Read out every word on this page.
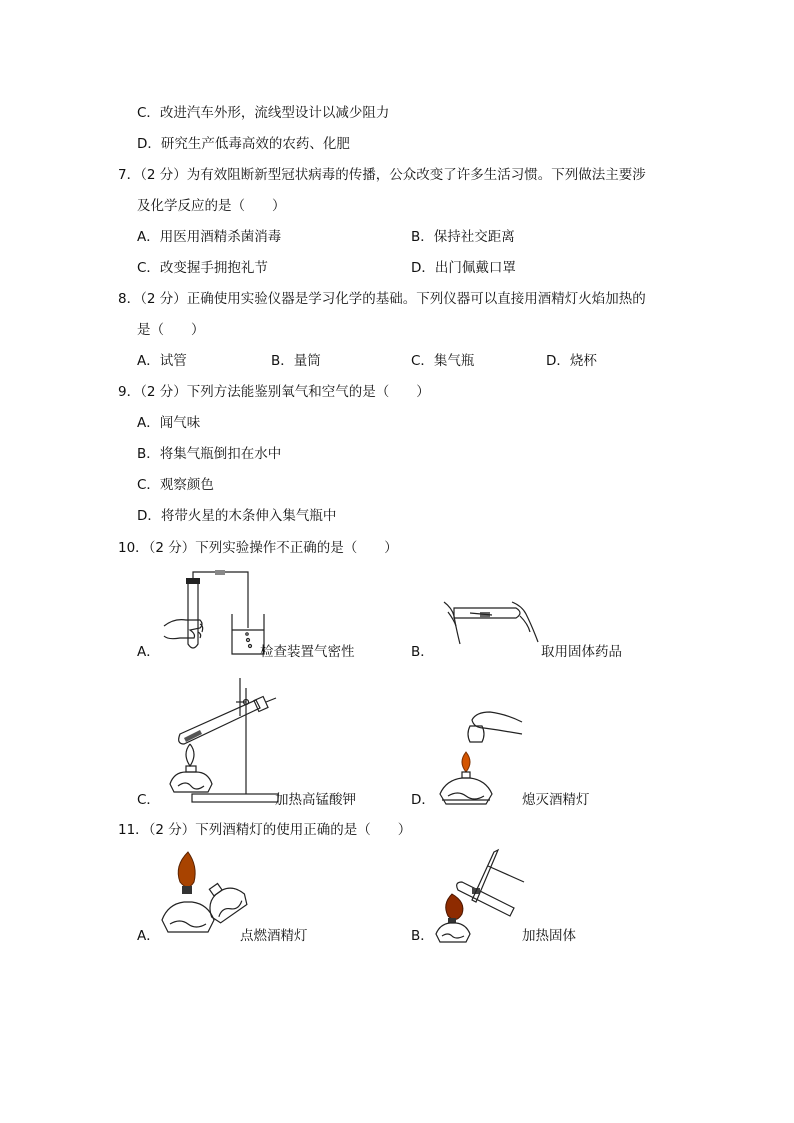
C．改进汽车外形，流线型设计以减少阻力
D．研究生产低毒高效的农药、化肥
7．（2 分）为有效阻断新型冠状病毒的传播，公众改变了许多生活习惯。下列做法主要涉
及化学反应的是（　　）
A．用医用酒精杀菌消毒	B．保持社交距离
C．改变握手拥抱礼节	D．出门佩戴口罩
8．（2 分）正确使用实验仪器是学习化学的基础。下列仪器可以直接用酒精灯火焰加热的
是（　　）
A．试管	B．量筒	C．集气瓶	D．烧杯
9．（2 分）下列方法能鉴别氧气和空气的是（　　）
A．闻气味
B．将集气瓶倒扣在水中
C．观察颜色
D．将带火星的木条伸入集气瓶中
10．（2 分）下列实验操作不正确的是（　　）
A．	检查装置气密性	B．	取用固体药品
C．	加热高锰酸钾	D．	熄灭酒精灯
11．（2 分）下列酒精灯的使用正确的是（　　）
A．	点燃酒精灯	B．	加热固体
